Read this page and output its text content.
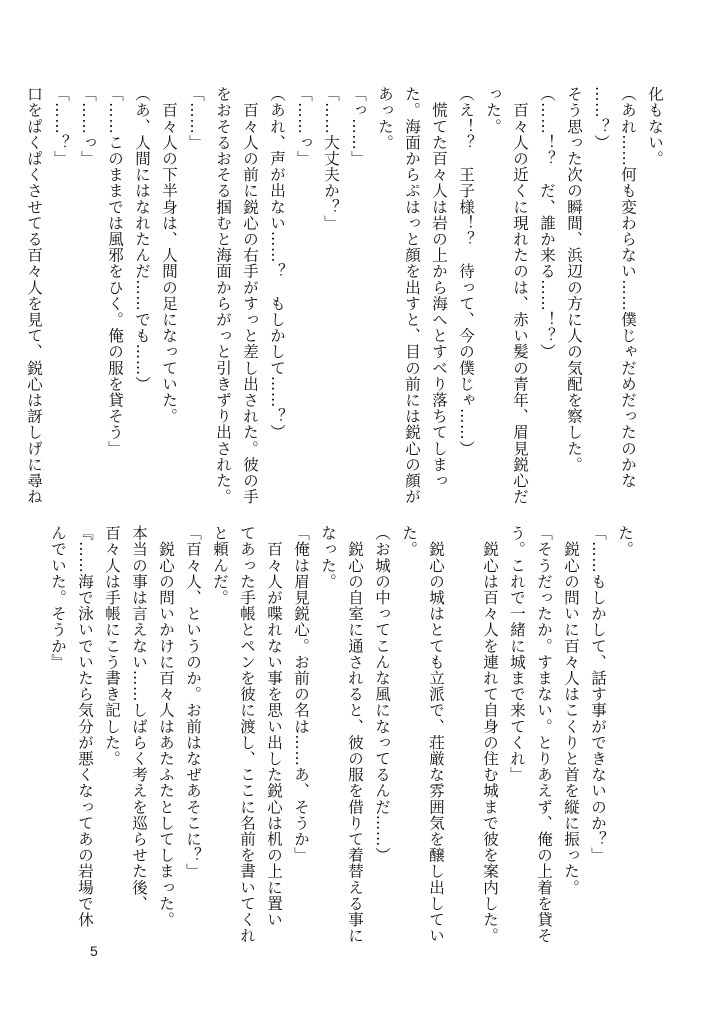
化もない。

（あれ……何も変わらない……僕じゃだめだったのかな

……？）

そう思った次の瞬間、浜辺の方に人の気配を察した。

（……！？　だ、誰か来る……！？）

　百々人の近くに現れたのは、赤い髪の青年、眉見鋭心だ

った。

（え！？　王子様！？　待って、今の僕じゃ……）

　慌てた百々人は岩の上から海へとすべり落ちてしまっ

た。海面からぷはっと顔を出すと、目の前には鋭心の顔が

あった。

「っ……」

「……大丈夫か？」

「……っ」

（あれ、声が出ない……？　もしかして……？）

　百々人の前に鋭心の右手がすっと差し出された。彼の手

をおそるおそる掴むと海面からがっと引きずり出された。

「……」

　百々人の下半身は、人間の足になっていた。

（あ、人間にはなれたんだ……でも……）

「……このままでは風邪をひく。俺の服を貸そう」

「……っ」

「……？」

口をぱくぱくさせてる百々人を見て、鋭心は訝しげに尋ね

た。

「……もしかして、話す事ができないのか？」

　鋭心の問いに百々人はこくりと首を縦に振った。

「そうだったか。すまない。とりあえず、俺の上着を貸そ

う。これで一緒に城まで来てくれ」

　鋭心は百々人を連れて自身の住む城まで彼を案内した。

　鋭心の城はとても立派で、荘厳な雰囲気を醸し出してい

た。

（お城の中ってこんな風になってるんだ……）

　鋭心の自室に通されると、彼の服を借りて着替える事に

なった。

「俺は眉見鋭心。お前の名は……あ、そうか」

　百々人が喋れない事を思い出した鋭心は机の上に置い

てあった手帳とペンを彼に渡し、ここに名前を書いてくれ

と頼んだ。

「百々人、というのか。お前はなぜあそこに？」

　鋭心の問いかけに百々人はあたふたとしてしまった。

本当の事は言えない……しばらく考えを巡らせた後、

百々人は手帳にこう書き記した。

『……海で泳いでいたら気分が悪くなってあの岩場で休

んでいた。そうか』

5
